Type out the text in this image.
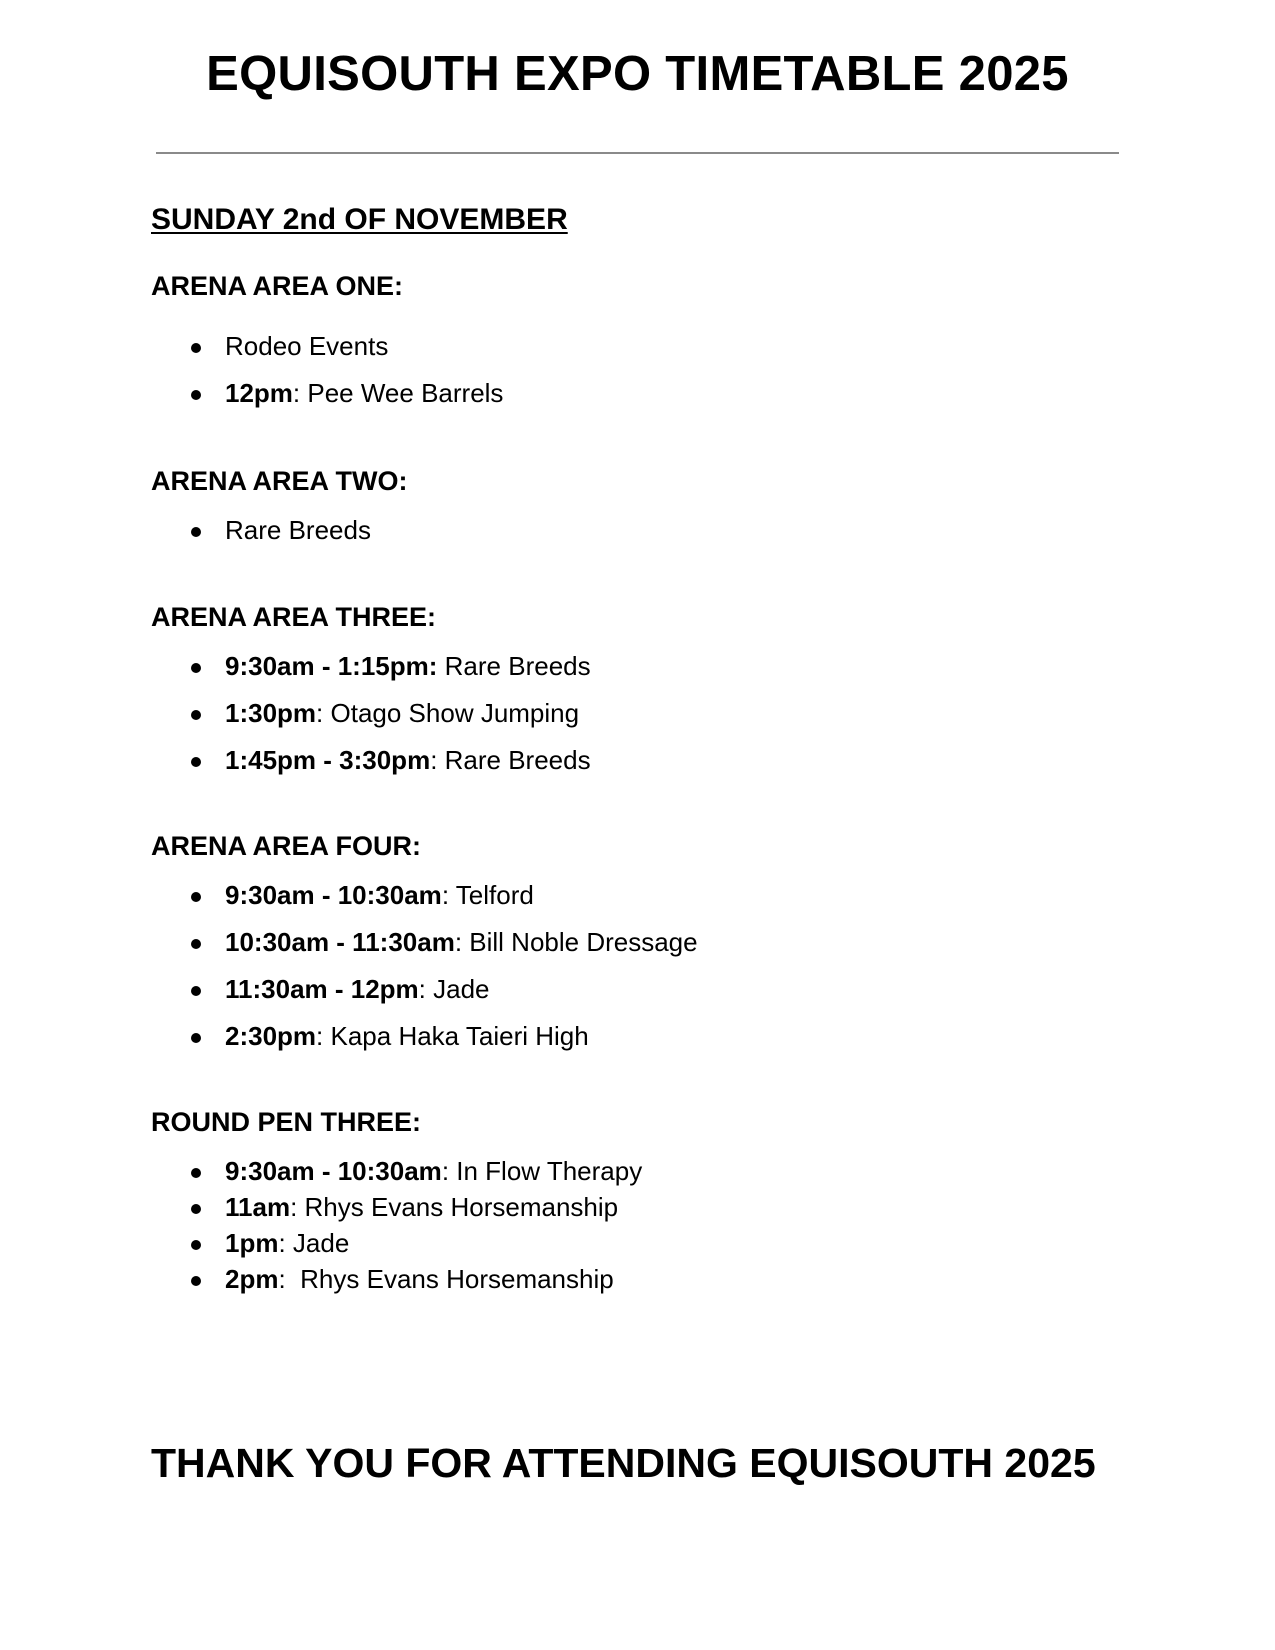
EQUISOUTH EXPO TIMETABLE 2025

SUNDAY 2nd OF NOVEMBER

ARENA AREA ONE:

Rodeo Events
12pm: Pee Wee Barrels

ARENA AREA TWO:

Rare Breeds

ARENA AREA THREE:

9:30am - 1:15pm: Rare Breeds
1:30pm: Otago Show Jumping
1:45pm - 3:30pm: Rare Breeds

ARENA AREA FOUR:

9:30am - 10:30am: Telford
10:30am - 11:30am: Bill Noble Dressage
11:30am - 12pm: Jade
2:30pm: Kapa Haka Taieri High

ROUND PEN THREE:

9:30am - 10:30am: In Flow Therapy
11am: Rhys Evans Horsemanship
1pm: Jade
2pm:  Rhys Evans Horsemanship

THANK YOU FOR ATTENDING EQUISOUTH 2025
